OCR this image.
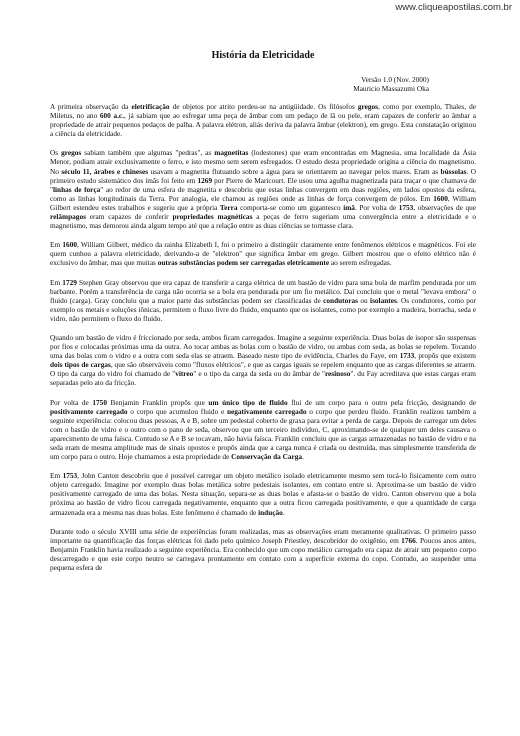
www.cliqueapostilas.com.br
História da Eletricidade
Versão 1.0 (Nov. 2000)
Mauricio Massazumi Oka

A primeira observação da eletrificação de objetos por atrito perdeu-se na antigüidade. Os filósofos gregos, como por exemplo, Thales, de Miletus, no ano 600 a.c., já sabiam que ao esfregar uma peça de âmbar com um pedaço de lã ou pele, eram capazes de conferir ao âmbar a propriedade de atrair pequenos pedaços de palha. A palavra elétron, aliás deriva da palavra âmbar (elektron), em grego. Esta constatação originou a ciência da eletricidade.

Os gregos sabiam também que algumas "pedras", as magnetitas (lodestones) que eram encontradas em Magnesia, uma localidade da Ásia Menor, podiam atrair exclusivamente o ferro, e isto mesmo sem serem esfregados. O estudo desta propriedade origina a ciência do magnetismo. No século 11, árabes e chineses usavam a magnetita flutuando sobre a água para se orientarem ao navegar pelos mares. Eram as bússolas. O primeiro estudo sistemático dos ímãs foi feito em 1269 por Pierre de Maricourt. Ele usou uma agulha magnetizada para traçar o que chamava de "linhas de força" ao redor de uma esfera de magnetita e descobriu que estas linhas convergem em duas regiões, em lados opostos da esfera, como as linhas longitudinais da Terra. Por analogia, ele chamou as regiões onde as linhas de força convergem de pólos. Em 1600, William Gilbert estendeu estes trabalhos e sugeriu que a própria Terra comporta-se como um gigantesco ímã. Por volta de 1753, observações de que relâmpagos eram capazes de conferir propriedades magnéticas a peças de ferro sugeriam uma convergência entre a eletricidade e o magnetismo, mas demorou ainda algum tempo até que a relação entre as duas ciências se tornasse clara.

Em 1600, William Gilbert, médico da rainha Elizabeth I, foi o primeiro a distingüir claramente entre fenômenos elétricos e magnéticos. Foi ele quem cunhou a palavra eletricidade, derivando-a de "elektron" que significa âmbar em grego. Gilbert mostrou que o efeito elétrico não é exclusivo do âmbar, mas que muitas outras substâncias podem ser carregadas eletricamente ao serem esfregadas.

Em 1729 Stephen Gray observou que era capaz de transferir a carga elétrica de um bastão de vidro para uma bola de marfim pendurada por um barbante. Porém a transferência de carga não ocorria se a bola era pendurada por um fio metálico. Daí concluiu que o metal "levava embora" o fluido (carga). Gray concluiu que a maior parte das substâncias podem ser classificadas de condutoras ou isolantes. Os condutores, como por exemplo os metais e soluções iônicas, permitem o fluxo livre do fluido, enquanto que os isolantes, como por exemplo a madeira, borracha, seda e vidro, não permitem o fluxo do fluido.

Quando um bastão de vidro é friccionado por seda, ambos ficam carregados. Imagine a seguinte experiência. Duas bolas de isopor são suspensas por fios e colocadas próximas uma da outra. Ao tocar ambas as bolas com o bastão de vidro, ou ambas com seda, as bolas se repelem. Tocando uma das bolas com o vidro e a outra com seda elas se atraem. Baseado neste tipo de evidência, Charles du Faye, em 1733, propôs que existem dois tipos de cargas, que são observáveis como "fluxos elétricos", e que as cargas iguais se repelem enquanto que as cargas diferentes se atraem. O tipo da carga do vidro foi chamado de "vítreo" e o tipo da carga da seda ou do âmbar de "resinoso". du Fay acreditava que estas cargas eram separadas pelo ato da fricção.

Por volta de 1750 Benjamin Franklin propôs que um único tipo de fluido flui de um corpo para o outro pela fricção, designando de positivamente carregado o corpo que acumulou fluido e negativamente carregado o corpo que perdeu fluido. Franklin realizou também a seguinte experiência: colocou duas pessoas, A e B, sobre um pedestal coberto de graxa para evitar a perda de carga. Depois de carregar um deles com o bastão de vidro e o outro com o pano de seda, observou que um terceiro indivíduo, C, aproximando-se de qualquer um deles causava o aparecimento de uma faísca. Contudo se A e B se tocavam, não havia faísca. Franklin concluiu que as cargas armazenadas no bastão de vidro e na seda eram de mesma amplitude mas de sinais opostos e propôs ainda que a carga nunca é criada ou destruída, mas simplesmente transferida de um corpo para o outro. Hoje chamamos a esta propriedade de Conservação da Carga.

Em 1753, John Canton descobriu que é possível carregar um objeto metálico isolado eletricamente mesmo sem tocá-lo fisicamente com outro objeto carregado. Imagine por exemplo duas bolas metálica sobre pedestais isolantes, em contato entre si. Aproxima-se um bastão de vidro positivamente carregado de uma das bolas. Nesta situação, separa-se as duas bolas e afasta-se o bastão de vidro. Canton observou que a bola próxima ao bastão de vidro ficou carregada negativamente, enquanto que a outra ficou carregada positivamente, e que a quantidade de carga armazenada era a mesma nas duas bolas. Este fenômeno é chamado de indução.

Durante todo o século XVIII uma série de experiências foram realizadas, mas as observações eram meramente qualitativas. O primeiro passo importante na quantificação das forças elétricas foi dado pelo químico Joseph Priestley, descobridor do oxigênio, em 1766. Poucos anos antes, Benjamin Franklin havia realizado a seguinte experiência. Era conhecido que um copo metálico carregado era capaz de atrair um pequeno corpo descarregado e que este corpo neutro se carregava prontamente em contato com a superfície externa do copo. Contudo, ao suspender uma pequena esfera de
